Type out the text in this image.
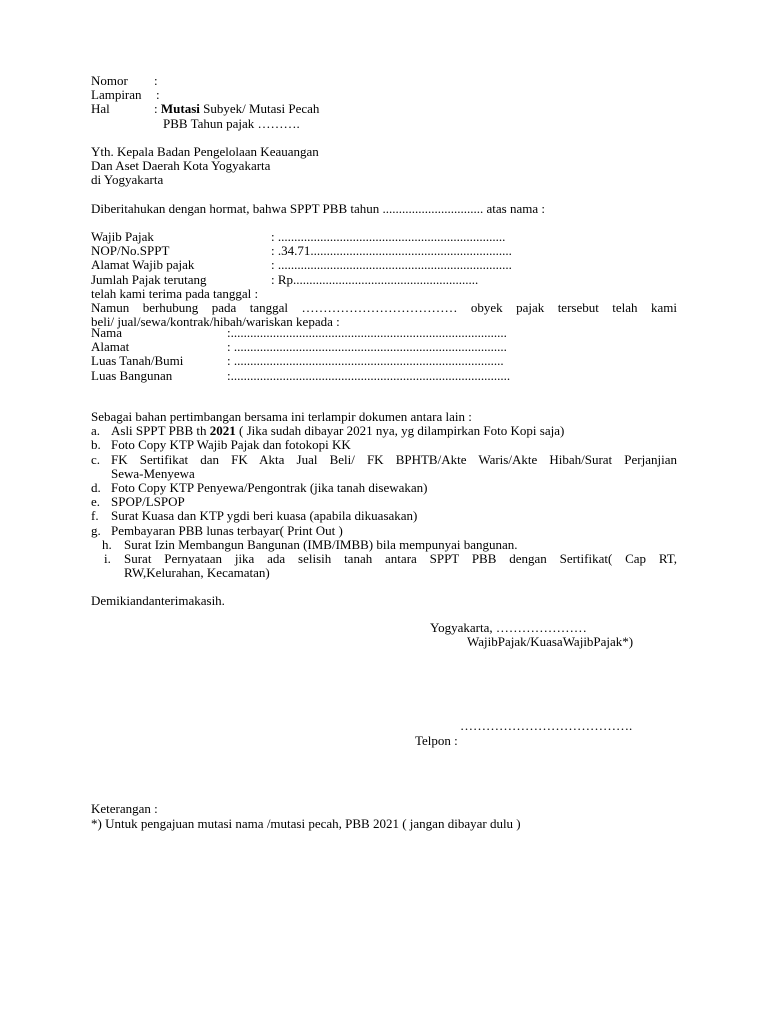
Nomor :
Lampiran :
Hal	: Mutasi Subyek/ Mutasi Pecah
PBB Tahun pajak ……….
Yth. Kepala Badan Pengelolaan Keauangan
Dan Aset Daerah Kota Yogyakarta
di Yogyakarta
Diberitahukan dengan hormat, bahwa SPPT PBB tahun ............................... atas nama :
Wajib Pajak	: ......................................................................
NOP/No.SPPT	: .34.71..............................................................
Alamat Wajib pajak	: ........................................................................
Jumlah Pajak terutang	: Rp.........................................................
telah kami terima pada tanggal :
Namun berhubung pada tanggal ……………………………… obyek pajak tersebut telah kami
beli/ jual/sewa/kontrak/hibah/wariskan kepada :
Nama	:.....................................................................................
Alamat	: ....................................................................................
Luas Tanah/Bumi	: ...................................................................................
Luas Bangunan	:......................................................................................
Sebagai bahan pertimbangan bersama ini terlampir dokumen antara lain :
a. Asli SPPT PBB th 2021 ( Jika sudah dibayar 2021 nya, yg dilampirkan Foto Kopi saja)
b. Foto Copy KTP Wajib Pajak dan fotokopi KK
c. FK Sertifikat dan FK Akta Jual Beli/ FK BPHTB/Akte Waris/Akte Hibah/Surat Perjanjian
Sewa-Menyewa
d. Foto Copy KTP Penyewa/Pengontrak (jika tanah disewakan)
e. SPOP/LSPOP
f. Surat Kuasa dan KTP ygdi beri kuasa (apabila dikuasakan)
g. Pembayaran PBB lunas terbayar( Print Out )
h. Surat Izin Membangun Bangunan (IMB/IMBB) bila mempunyai bangunan.
i. Surat Pernyataan jika ada selisih tanah antara SPPT PBB dengan Sertifikat( Cap RT,
RW,Kelurahan, Kecamatan)
Demikiandanterimakasih.
Yogyakarta, …………………
WajibPajak/KuasaWajibPajak*)
………………………………….
Telpon :
Keterangan :
*) Untuk pengajuan mutasi nama /mutasi pecah, PBB 2021 ( jangan dibayar dulu )
